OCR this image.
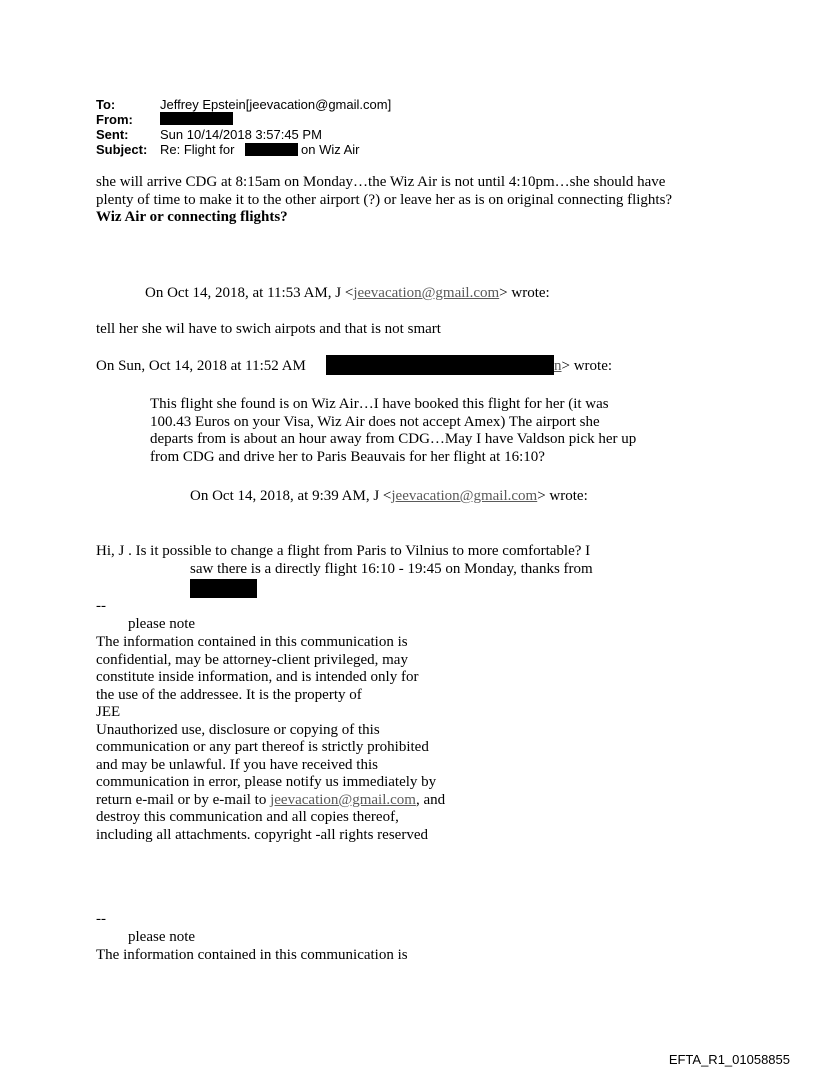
To:	Jeffrey Epstein[jeevacation@gmail.com]
From:
Sent: Sun 10/14/2018 3:57:45 PM
Subject: Re: Flight for	on Wiz Air
she will arrive CDG at 8:15am on Monday…the Wiz Air is not until 4:10pm…she should have
plenty of time to make it to the other airport (?) or leave her as is on original connecting flights?
Wiz Air or connecting flights?
On Oct 14, 2018, at 11:53 AM, J <jeevacation@gmail.com> wrote:
tell her she wil have to swich airpots and that is not smart
On Sun, Oct 14, 2018 at 11:52 AM	n> wrote:
This flight she found is on Wiz Air…I have booked this flight for her (it was
100.43 Euros on your Visa, Wiz Air does not accept Amex) The airport she
departs from is about an hour away from CDG…May I have Valdson pick her up
from CDG and drive her to Paris Beauvais for her flight at 16:10?
On Oct 14, 2018, at 9:39 AM, J <jeevacation@gmail.com> wrote:
Hi, J . Is it possible to change a flight from Paris to Vilnius to more comfortable? I
saw there is a directly flight 16:10 - 19:45 on Monday, thanks from
--
please note
The information contained in this communication is
confidential, may be attorney-client privileged, may
constitute inside information, and is intended only for
the use of the addressee. It is the property of
JEE
Unauthorized use, disclosure or copying of this
communication or any part thereof is strictly prohibited
and may be unlawful. If you have received this
communication in error, please notify us immediately by
return e-mail or by e-mail to jeevacation@gmail.com, and
destroy this communication and all copies thereof,
including all attachments. copyright -all rights reserved
--
please note
The information contained in this communication is
EFTA_R1_01058855
